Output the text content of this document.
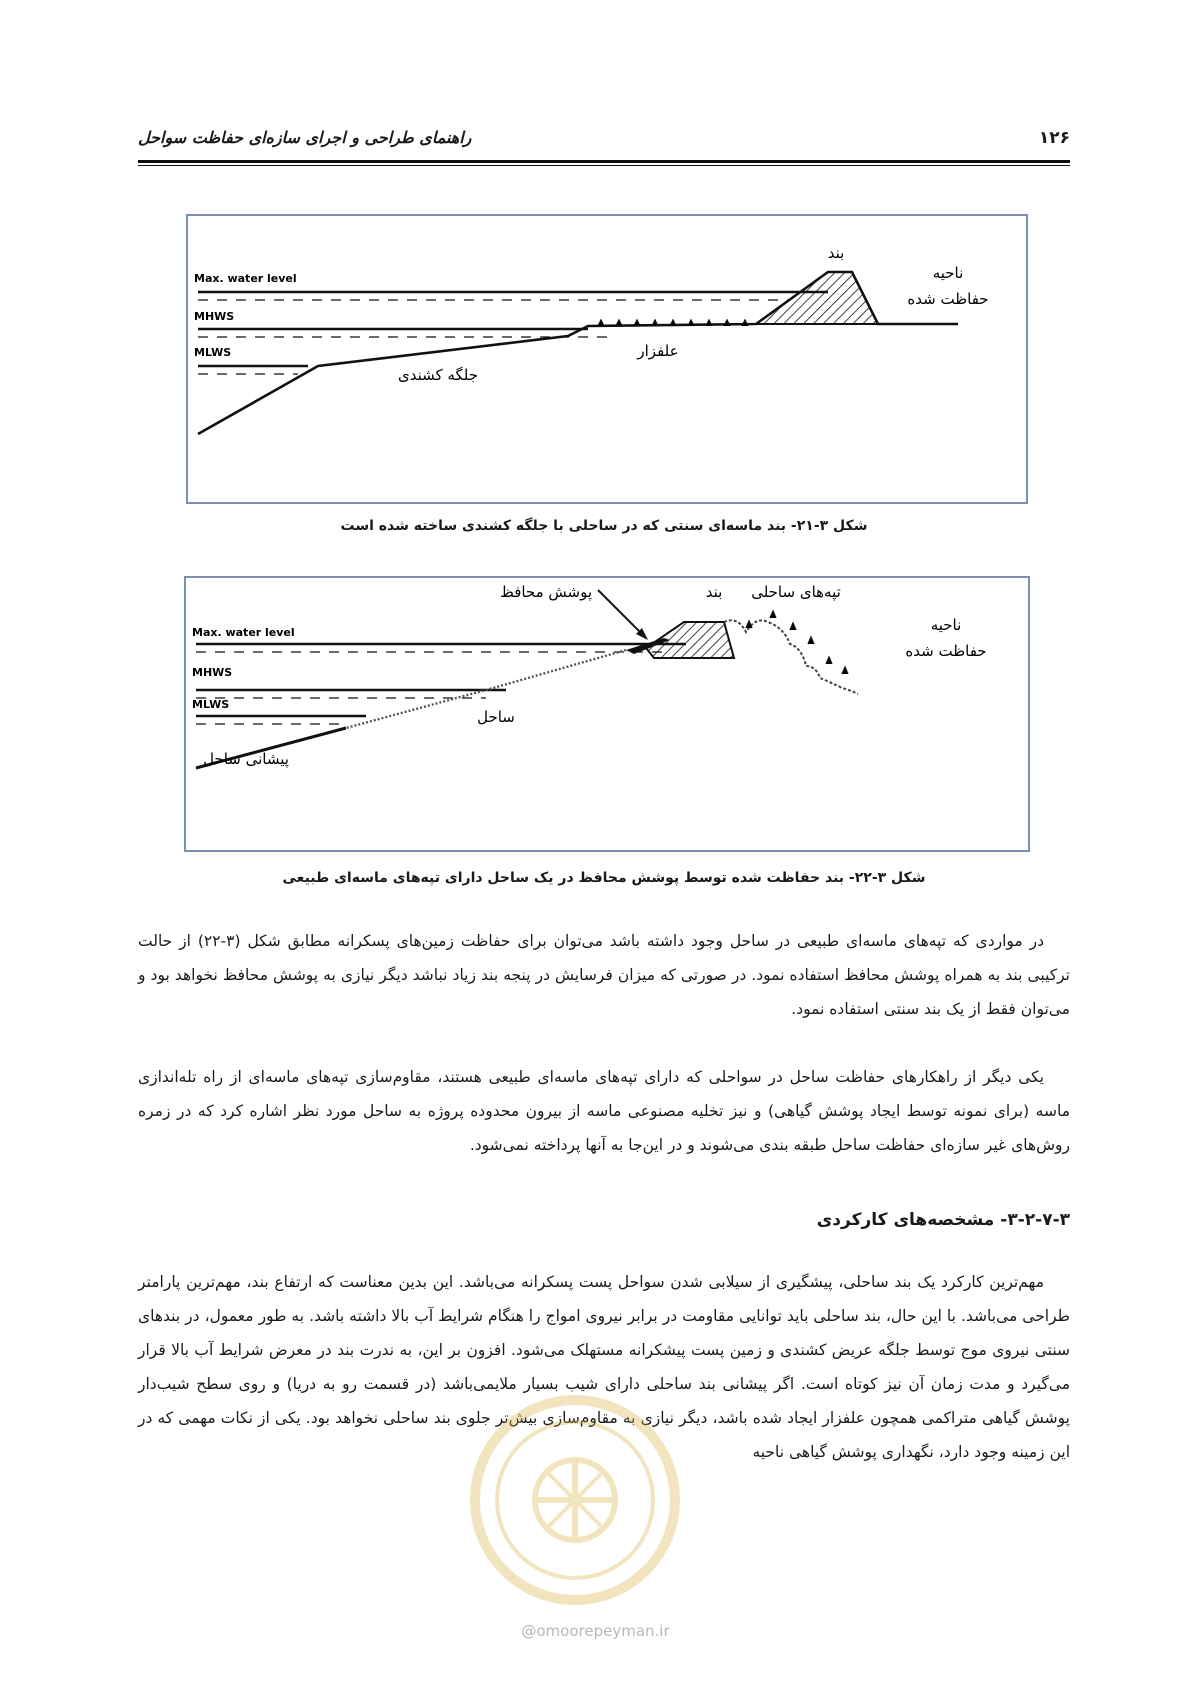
۱۲۶
راهنمای طراحی و اجرای سازه‌ای حفاظت سواحل
Max. water level
MHWS
MLWS
بند
ناحیه
حفاظت شده
علفزار
جلگه کشندی
شکل ۳-۲۱- بند ماسه‌ای سنتی که در ساحلی با جلگه کشندی ساخته شده است
Max. water level
MHWS
MLWS
پوشش محافظ	بند تپه‌های ساحلی
ناحیه
حفاظت شده
ساحل
پیشانی ساحل
شکل ۳-۲۲- بند حفاظت شده توسط پوشش محافظ در یک ساحل دارای تپه‌های ماسه‌ای طبیعی

در مواردی که تپه‌های ماسه‌ای طبیعی در ساحل وجود داشته باشد می‌توان برای حفاظت زمین‌های پسکرانه مطابق شکل (۳-۲۲) از حالت ترکیبی بند به همراه پوشش محافظ استفاده نمود. در صورتی که میزان فرسایش در پنجه بند زیاد نباشد دیگر نیازی به پوشش محافظ نخواهد بود و می‌توان فقط از یک بند سنتی استفاده نمود.

یکی دیگر از راهکارهای حفاظت ساحل در سواحلی که دارای تپه‌های ماسه‌ای طبیعی هستند، مقاوم‌سازی تپه‌های ماسه‌ای از راه تله‌اندازی ماسه (برای نمونه توسط ایجاد پوشش گیاهی) و نیز تخلیه مصنوعی ماسه از بیرون محدوده پروژه به ساحل مورد نظر اشاره کرد که در زمره روش‌های غیر سازه‌ای حفاظت ساحل طبقه بندی می‌شوند و در این‌جا به آنها پرداخته نمی‌شود.

۳-۲-۷-۳- مشخصه‌های کارکردی

مهم‌ترین کارکرد یک بند ساحلی، پیشگیری از سیلابی شدن سواحل پست پسکرانه می‌باشد. این بدین معناست که ارتفاع بند، مهم‌ترین پارامتر طراحی می‌باشد. با این حال، بند ساحلی باید توانایی مقاومت در برابر نیروی امواج را هنگام شرایط آب بالا داشته باشد. به طور معمول، در بندهای سنتی نیروی موج توسط جلگه عریض کشندی و زمین پست پیشکرانه مستهلک می‌شود. افزون بر این، به ندرت بند در معرض شرایط آب بالا قرار می‌گیرد و مدت زمان آن نیز کوتاه است. اگر پیشانی بند ساحلی دارای شیب بسیار ملایمی‌باشد (در قسمت رو به دریا) و روی سطح شیب‌دار پوشش گیاهی متراکمی همچون علفزار ایجاد شده باشد، دیگر نیازی به مقاوم‌سازی بیش‌تر جلوی بند ساحلی نخواهد بود. یکی از نکات مهمی که در این زمینه وجود دارد، نگهداری پوشش گیاهی ناحیه

@omoorepeyman.ir
